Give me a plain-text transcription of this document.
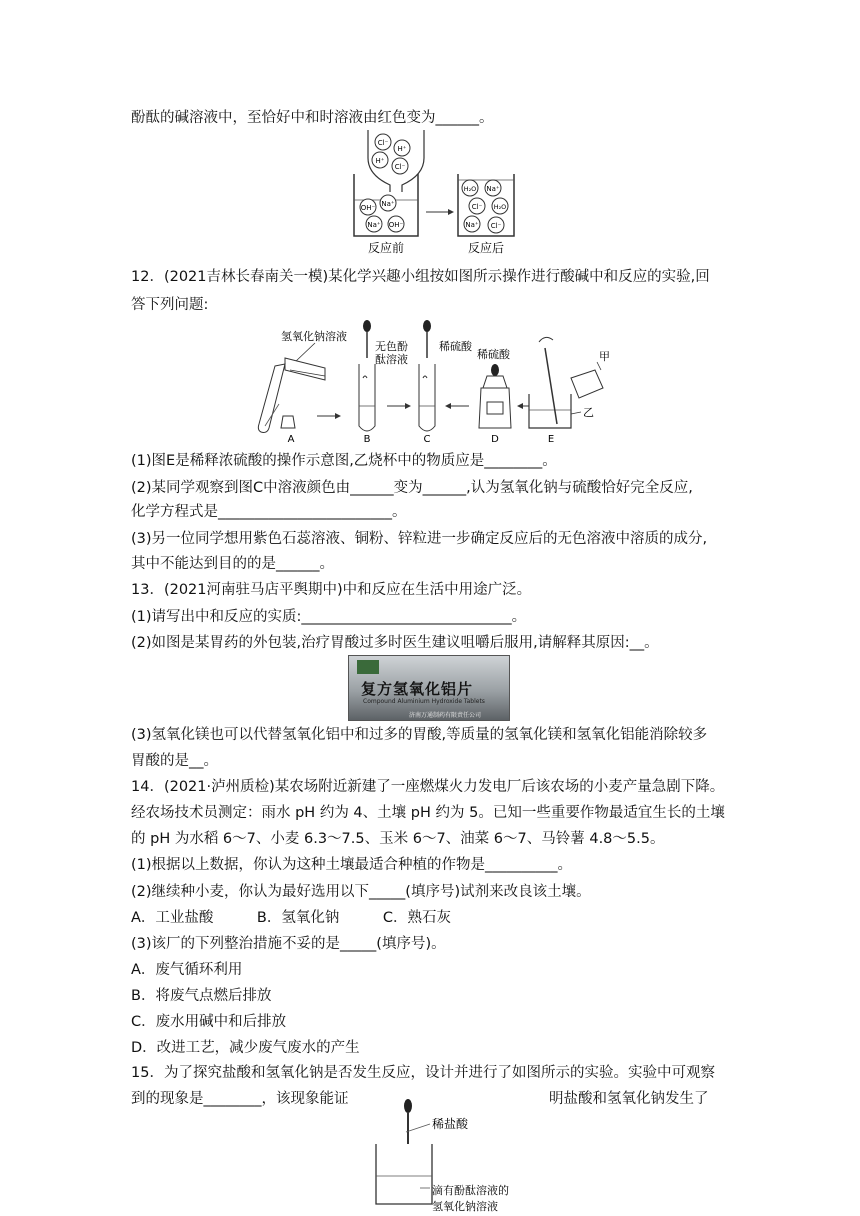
酚酞的碱溶液中，至恰好中和时溶液由红色变为______。
Cl⁻
H⁺
H⁺
Cl⁻
OH⁻ Na⁺
Na⁺ OH⁻
H₂O Na⁺
Cl⁻ H₂O
Na⁺ Cl⁻
反应前	反应后
12．(2021吉林长春南关一模)某化学兴趣小组按如图所示操作进行酸碱中和反应的实验,回
答下列问题:
氢氧化钠溶液
A
无色酚
酞溶液
B
稀硫酸
C
稀硫酸
D
甲
乙
E
(1)图E是稀释浓硫酸的操作示意图,乙烧杯中的物质应是________。
(2)某同学观察到图C中溶液颜色由______变为______,认为氢氧化钠与硫酸恰好完全反应,
化学方程式是________________________。
(3)另一位同学想用紫色石蕊溶液、铜粉、锌粒进一步确定反应后的无色溶液中溶质的成分,
其中不能达到目的的是______。
13．(2021河南驻马店平舆期中)中和反应在生活中用途广泛。
(1)请写出中和反应的实质:_____________________________。
(2)如图是某胃药的外包装,治疗胃酸过多时医生建议咀嚼后服用,请解释其原因:__。
复方氢氧化铝片
Compound Aluminium Hydroxide Tablets
济南万通制药有限责任公司
(3)氢氧化镁也可以代替氢氧化铝中和过多的胃酸,等质量的氢氧化镁和氢氧化铝能消除较多
胃酸的是__。
14．(2021·泸州质检)某农场附近新建了一座燃煤火力发电厂后该农场的小麦产量急剧下降。
经农场技术员测定：雨水 pH 约为 4、土壤 pH 约为 5。已知一些重要作物最适宜生长的土壤
的 pH 为水稻 6～7、小麦 6.3～7.5、玉米 6～7、油菜 6～7、马铃薯 4.8～5.5。
(1)根据以上数据，你认为这种土壤最适合种植的作物是__________。
(2)继续种小麦，你认为最好选用以下_____(填序号)试剂来改良该土壤。
A．工业盐酸　　　B．氢氧化钠　　　C．熟石灰
(3)该厂的下列整治措施不妥的是_____(填序号)。
A．废气循环利用
B．将废气点燃后排放
C．废水用碱中和后排放
D．改进工艺，减少废气废水的产生
15．为了探究盐酸和氢氧化钠是否发生反应，设计并进行了如图所示的实验。实验中可观察
到的现象是________，该现象能证	明盐酸和氢氧化钠发生了
稀盐酸
滴有酚酞溶液的
氢氧化钠溶液
